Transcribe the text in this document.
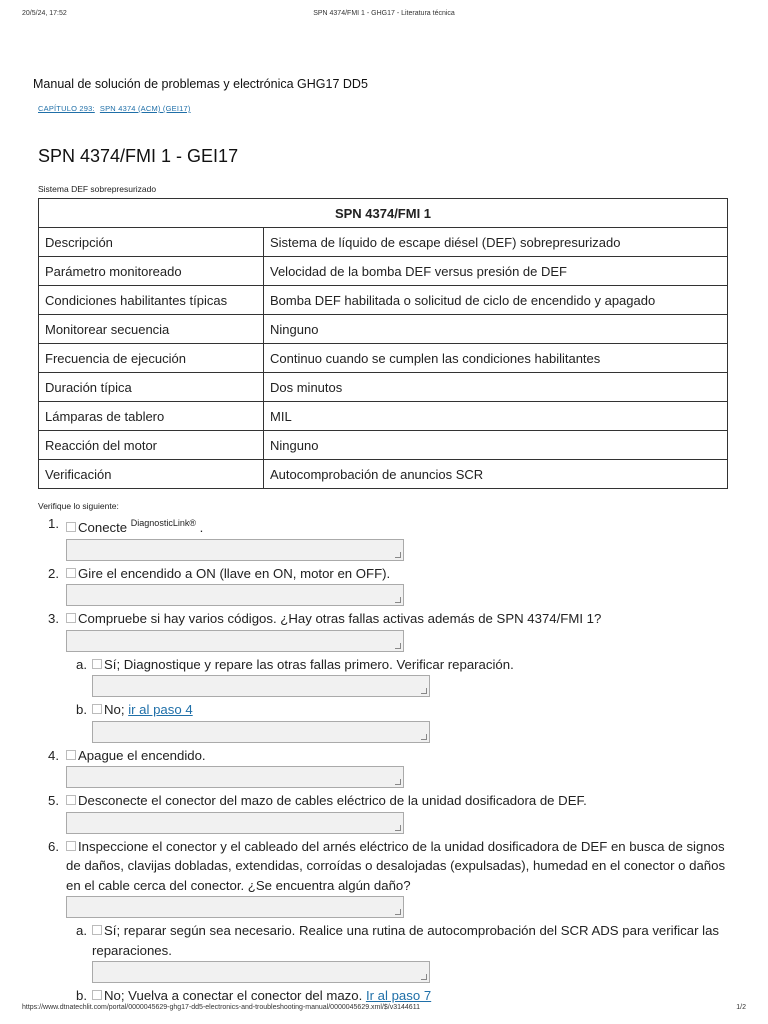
20/5/24, 17:52	SPN 4374/FMI 1 - GHG17 - Literatura técnica
Manual de solución de problemas y electrónica GHG17 DD5
CAPÍTULO 293: SPN 4374 (ACM) (GEI17)
SPN 4374/FMI 1 - GEI17
Sistema DEF sobrepresurizado
SPN 4374/FMI 1	
Descripción	Sistema de líquido de escape diésel (DEF) sobrepresurizado
Parámetro monitoreado	Velocidad de la bomba DEF versus presión de DEF
Condiciones habilitantes típicas	Bomba DEF habilitada o solicitud de ciclo de encendido y apagado
Monitorear secuencia	Ninguno
Frecuencia de ejecución	Continuo cuando se cumplen las condiciones habilitantes
Duración típica	Dos minutos
Lámparas de tablero	MIL
Reacción del motor	Ninguno
Verificación	Autocomprobación de anuncios SCR
Verifique lo siguiente:
1. Conecte $^{DiagnosticLink®}$ .
2. Gire el encendido a ON (llave en ON, motor en OFF).
3. Compruebe si hay varios códigos. ¿Hay otras fallas activas además de SPN 4374/FMI 1?
a. Sí; Diagnostique y repare las otras fallas primero. Verificar reparación.
b. No; ir al paso 4
4. Apague el encendido.
5. Desconecte el conector del mazo de cables eléctrico de la unidad dosificadora de DEF.
6. Inspeccione el conector y el cableado del arnés eléctrico de la unidad dosificadora de DEF en busca de signos de daños, clavijas dobladas, extendidas, corroídas o desalojadas (expulsadas), humedad en el conector o daños en el cable cerca del conector. ¿Se encuentra algún daño?
a. Sí; reparar según sea necesario. Realice una rutina de autocomprobación del SCR ADS para verificar las reparaciones.
b. No; Vuelva a conectar el conector del mazo. Ir al paso 7
https://www.dtnatechlit.com/portal/0000045629-ghg17-dd5-electronics-and-troubleshooting-manual/0000045629.xml/$/v3144611	1/2
